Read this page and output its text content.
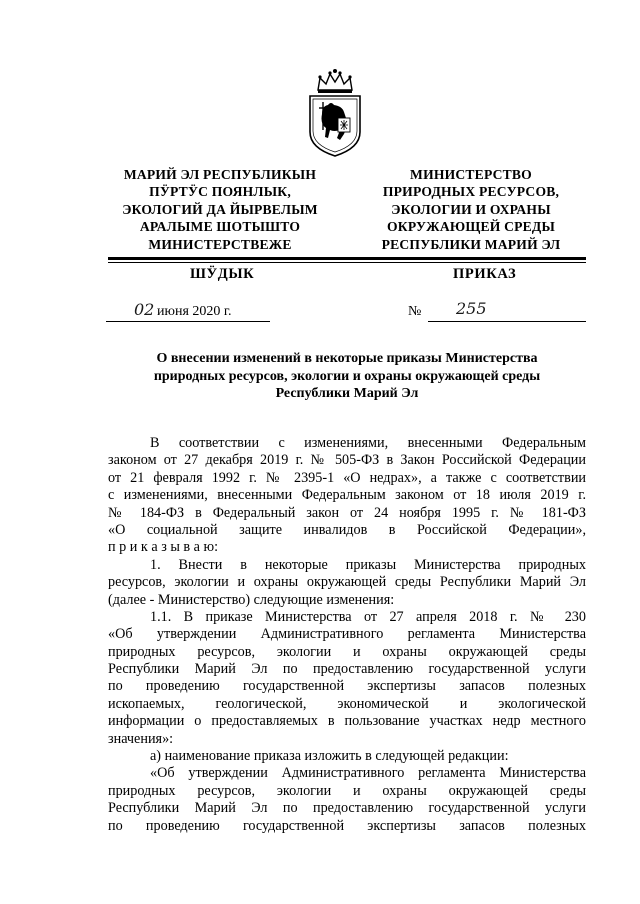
МАРИЙ ЭЛ РЕСПУБЛИКЫН
ПӰРТӰС ПОЯНЛЫК,
ЭКОЛОГИЙ ДА ЙЫРВЕЛЫМ
АРАЛЫМЕ ШОТЫШТО
МИНИСТЕРСТВЕЖЕ
МИНИСТЕРСТВО
ПРИРОДНЫХ РЕСУРСОВ,
ЭКОЛОГИИ И ОХРАНЫ
ОКРУЖАЮЩЕЙ СРЕДЫ
РЕСПУБЛИКИ МАРИЙ ЭЛ
ШӰДЫК	ПРИКАЗ
02 июня 2020 г.	№ 255
О внесении изменений в некоторые приказы Министерства
природных ресурсов, экологии и охраны окружающей среды
Республики Марий Эл
В соответствии с изменениями, внесенными Федеральным
законом от 27 декабря 2019 г. № 505-ФЗ в Закон Российской Федерации
от 21 февраля 1992 г. № 2395-1 «О недрах», а также с соответствии
с изменениями, внесенными Федеральным законом от 18 июля 2019 г.
№ 184-ФЗ в Федеральный закон от 24 ноября 1995 г. № 181-ФЗ
«О социальной защите инвалидов в Российской Федерации»,
п р и к а з ы в а ю:
1. Внести в некоторые приказы Министерства природных
ресурсов, экологии и охраны окружающей среды Республики Марий Эл
(далее - Министерство) следующие изменения:
1.1. В приказе Министерства от 27 апреля 2018 г. № 230
«Об утверждении Административного регламента Министерства
природных ресурсов, экологии и охраны окружающей среды
Республики Марий Эл по предоставлению государственной услуги
по проведению государственной экспертизы запасов полезных
ископаемых, геологической, экономической и экологической
информации о предоставляемых в пользование участках недр местного
значения»:
а) наименование приказа изложить в следующей редакции:
«Об утверждении Административного регламента Министерства
природных ресурсов, экологии и охраны окружающей среды
Республики Марий Эл по предоставлению государственной услуги
по проведению государственной экспертизы запасов полезных
